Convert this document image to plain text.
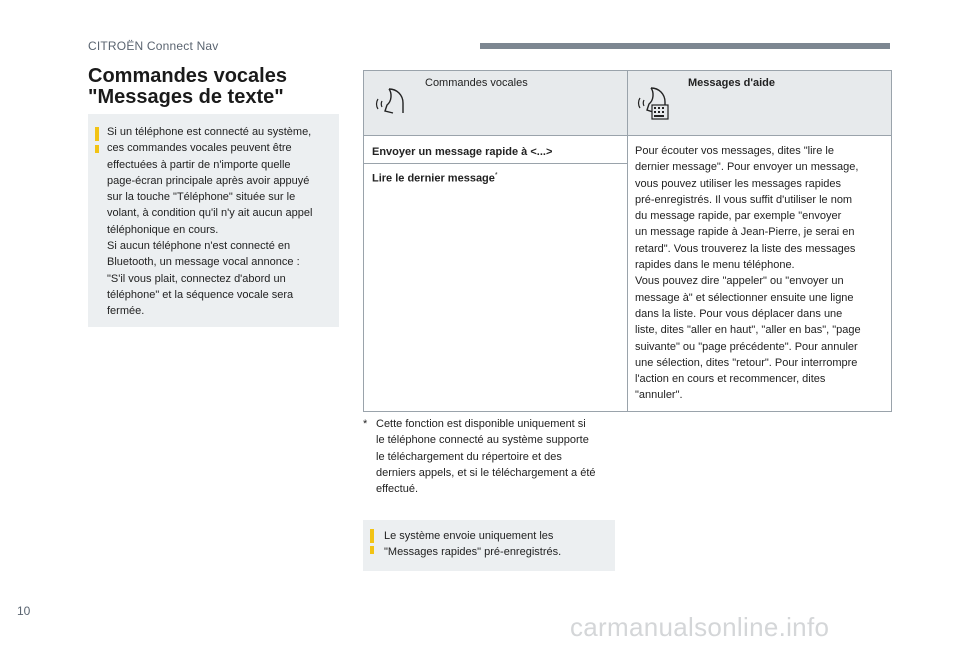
CITROËN Connect Nav
Commandes vocales
"Messages de texte"
Si un téléphone est connecté au système,
ces commandes vocales peuvent être
effectuées à partir de n'importe quelle
page-écran principale après avoir appuyé
sur la touche "Téléphone" située sur le
volant, à condition qu'il n'y ait aucun appel
téléphonique en cours.
Si aucun téléphone n'est connecté en
Bluetooth, un message vocal annonce :
"S'il vous plait, connectez d'abord un
téléphone" et la séquence vocale sera
fermée.
Commandes vocales	Messages d'aide
Envoyer un message rapide à <...>
Lire le dernier message*
Pour écouter vos messages, dites "lire le
dernier message". Pour envoyer un message,
vous pouvez utiliser les messages rapides
pré-enregistrés. Il vous suffit d'utiliser le nom
du message rapide, par exemple "envoyer
un message rapide à Jean-Pierre, je serai en
retard". Vous trouverez la liste des messages
rapides dans le menu téléphone.
Vous pouvez dire "appeler" ou "envoyer un
message à" et sélectionner ensuite une ligne
dans la liste. Pour vous déplacer dans une
liste, dites "aller en haut", "aller en bas", "page
suivante" ou "page précédente". Pour annuler
une sélection, dites "retour". Pour interrompre
l'action en cours et recommencer, dites
"annuler".
* Cette fonction est disponible uniquement si
le téléphone connecté au système supporte
le téléchargement du répertoire et des
derniers appels, et si le téléchargement a été
effectué.
Le système envoie uniquement les
"Messages rapides" pré-enregistrés.
10
carmanualsonline.info
